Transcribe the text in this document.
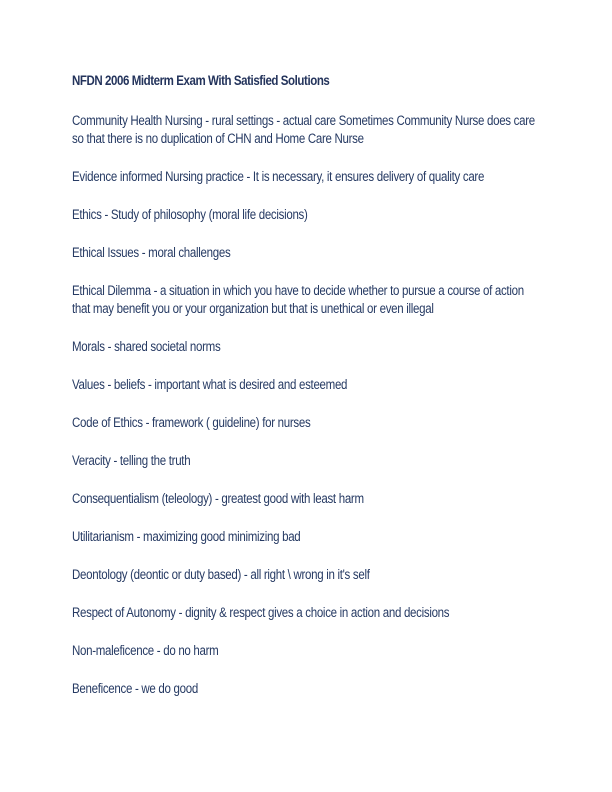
NFDN 2006 Midterm Exam With Satisfied Solutions

Community Health Nursing - rural settings - actual care Sometimes Community Nurse does care so that there is no duplication of CHN and Home Care Nurse

Evidence informed Nursing practice - It is necessary, it ensures delivery of quality care

Ethics - Study of philosophy (moral life decisions)

Ethical Issues - moral challenges

Ethical Dilemma - a situation in which you have to decide whether to pursue a course of action that may benefit you or your organization but that is unethical or even illegal

Morals - shared societal norms

Values - beliefs - important what is desired and esteemed

Code of Ethics - framework ( guideline) for nurses

Veracity - telling the truth

Consequentialism (teleology) - greatest good with least harm

Utilitarianism - maximizing good minimizing bad

Deontology (deontic or duty based) - all right \ wrong in it's self

Respect of Autonomy - dignity & respect gives a choice in action and decisions

Non-maleficence - do no harm

Beneficence - we do good
